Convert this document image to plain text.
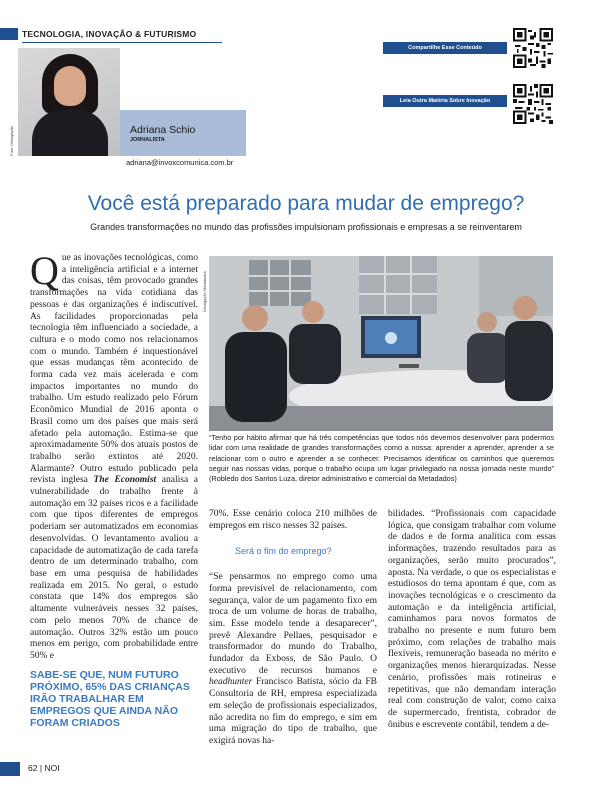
TECNOLOGIA, INOVAÇÃO & FUTURISMO
Foto: Divulgação	Adriana Schio
JORNALISTA
adriana@invoxcomunica.com.br
Compartilhe Esse Conteúdo
Leia Outra Matéria Sobre Inovação
Você está preparado para mudar de emprego?
Grandes transformações no mundo das profissões impulsionam profissionais e empresas a se reinventarem
Que as inovações tecnológicas, como a inteligência artificial e a internet das coisas, têm provocado grandes transformações na vida cotidiana das pessoas e das organizações é indiscutível. As facilidades proporcionadas pela tecnologia têm influenciado a sociedade, a cultura e o modo como nos relacionamos com o mundo. Também é inquestionável que essas mudanças têm acontecido de forma cada vez mais acelerada e com impactos importantes no mundo do trabalho. Um estudo realizado pelo Fórum Econômico Mundial de 2016 aponta o Brasil como um dos países que mais será afetado pela automação. Estima-se que aproximadamente 50% dos atuais postos de trabalho serão extintos até 2020. Alarmante? Outro estudo publicado pela revista inglesa The Economist analisa a vulnerabilidade do trabalho frente à automação em 32 países ricos e a facilidade com que tipos diferentes de empregos poderiam ser automatizados em economias desenvolvidas. O levantamento avaliou a capacidade de automatização de cada tarefa dentro de um determinado trabalho, com base em uma pesquisa de habilidades realizada em 2015. No geral, o estudo constata que 14% dos empregos são altamente vulneráveis nesses 32 países, com pelo menos 70% de chance de automação. Outros 32% estão um pouco menos em perigo, com probabilidade entre 50% e
SABE-SE QUE, NUM FUTURO PRÓXIMO, 65% DAS CRIANÇAS IRÃO TRABALHAR EM EMPREGOS QUE AINDA NÃO FORAM CRIADOS
Divulgação Metadados
“Tenho por hábito afirmar que há três competências que todos nós devemos desenvolver para podermos lidar com uma realidade de grandes transformações como a nossa: aprender a aprender, aprender a se relacionar com o outro e aprender a se conhecer. Precisamos identificar os caminhos que queremos seguir nas nossas vidas, porque o trabalho ocupa um lugar privilegiado na nossa jornada neste mundo” (Robledo dos Santos Luza, diretor administrativo e comercial da Metadados)
70%. Esse cenário coloca 210 milhões de empregos em risco nesses 32 países.
Será o fim do emprego?
“Se pensarmos no emprego como uma forma previsível de relacionamento, com segurança, valor de um pagamento fixo em troca de um volume de horas de trabalho, sim. Esse modelo tende a desaparecer”, prevê Alexandre Pellaes, pesquisador e transformador do mundo do Trabalho, fundador da Exboss, de São Paulo. O executivo de recursos humanos e headhunter Francisco Batista, sócio da FB Consultoria de RH, empresa especializada em seleção de profissionais especializados, não acredita no fim do emprego, e sim em uma migração do tipo de trabalho, que exigirá novas ha-
bilidades. “Profissionais com capacidade lógica, que consigam trabalhar com volume de dados e de forma analítica com essas informações, trazendo resultados para as organizações, serão muito procurados”, aposta. Na verdade, o que os especialistas e estudiosos do tema apontam é que, com as inovações tecnológicas e o crescimento da automação e da inteligência artificial, caminhamos para novos formatos de trabalho no presente e num futuro bem próximo, com relações de trabalho mais flexíveis, remuneração baseada no mérito e organizações menos hierarquizadas. Nesse cenário, profissões mais rotineiras e repetitivas, que não demandam interação real com construção de valor, como caixa de supermercado, frentista, cobrador de ônibus e escrevente contábil, tendem a de-
62 | NOI
